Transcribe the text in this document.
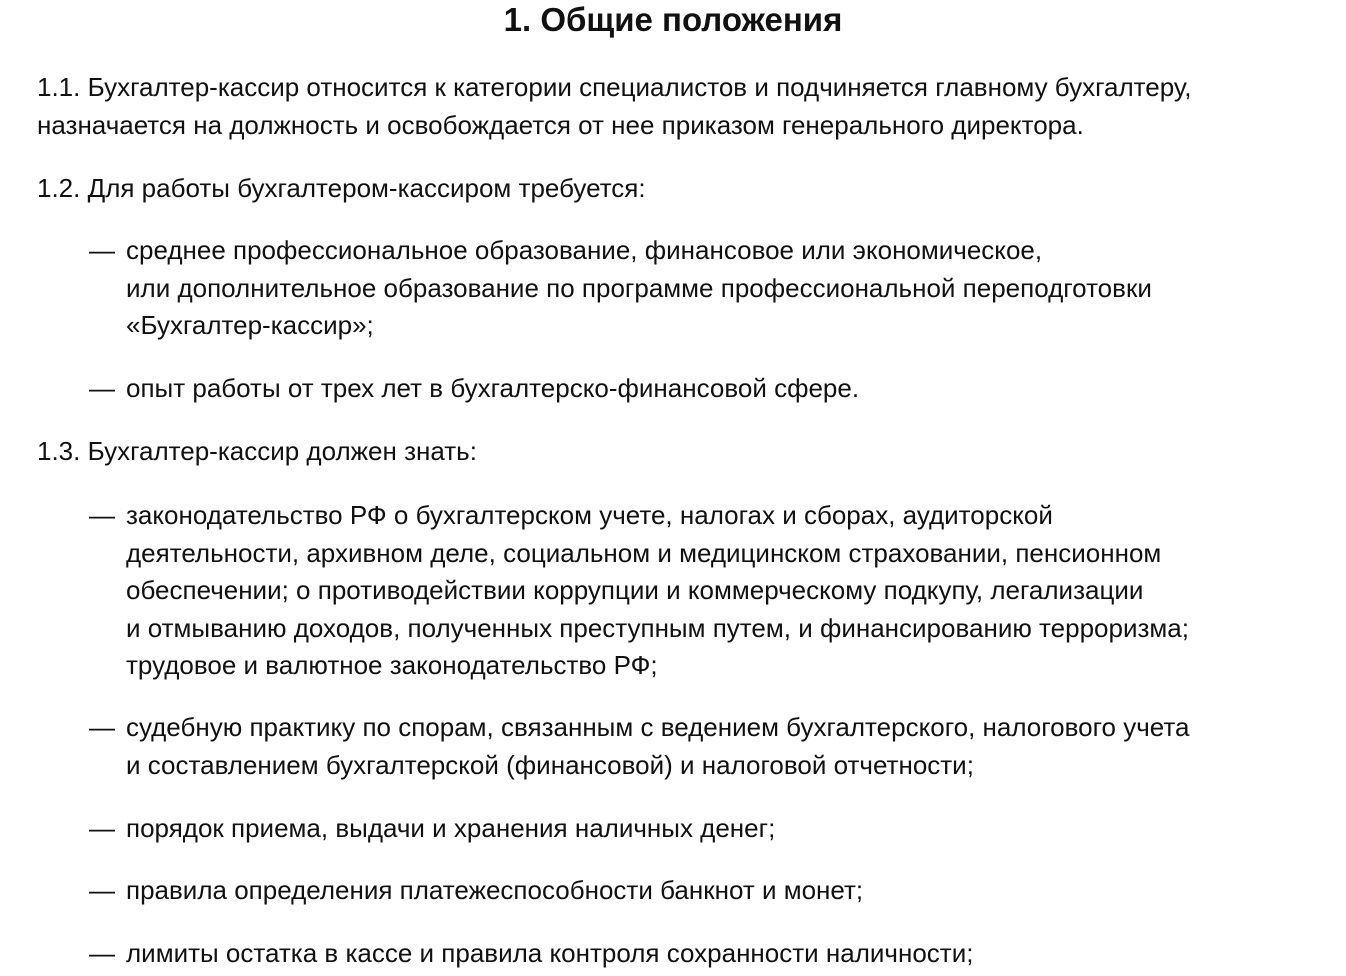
1. Общие положения

1.1. Бухгалтер-кассир относится к категории специалистов и подчиняется главному бухгалтеру,
назначается на должность и освобождается от нее приказом генерального директора.

1.2. Для работы бухгалтером-кассиром требуется:

— среднее профессиональное образование, финансовое или экономическое,
или дополнительное образование по программе профессиональной переподготовки
«Бухгалтер-кассир»;
— опыт работы от трех лет в бухгалтерско-финансовой сфере.

1.3. Бухгалтер-кассир должен знать:

— законодательство РФ о бухгалтерском учете, налогах и сборах, аудиторской
деятельности, архивном деле, социальном и медицинском страховании, пенсионном
обеспечении; о противодействии коррупции и коммерческому подкупу, легализации
и отмыванию доходов, полученных преступным путем, и финансированию терроризма;
трудовое и валютное законодательство РФ;
— судебную практику по спорам, связанным с ведением бухгалтерского, налогового учета
и составлением бухгалтерской (финансовой) и налоговой отчетности;
— порядок приема, выдачи и хранения наличных денег;
— правила определения платежеспособности банкнот и монет;
— лимиты остатка в кассе и правила контроля сохранности наличности;
